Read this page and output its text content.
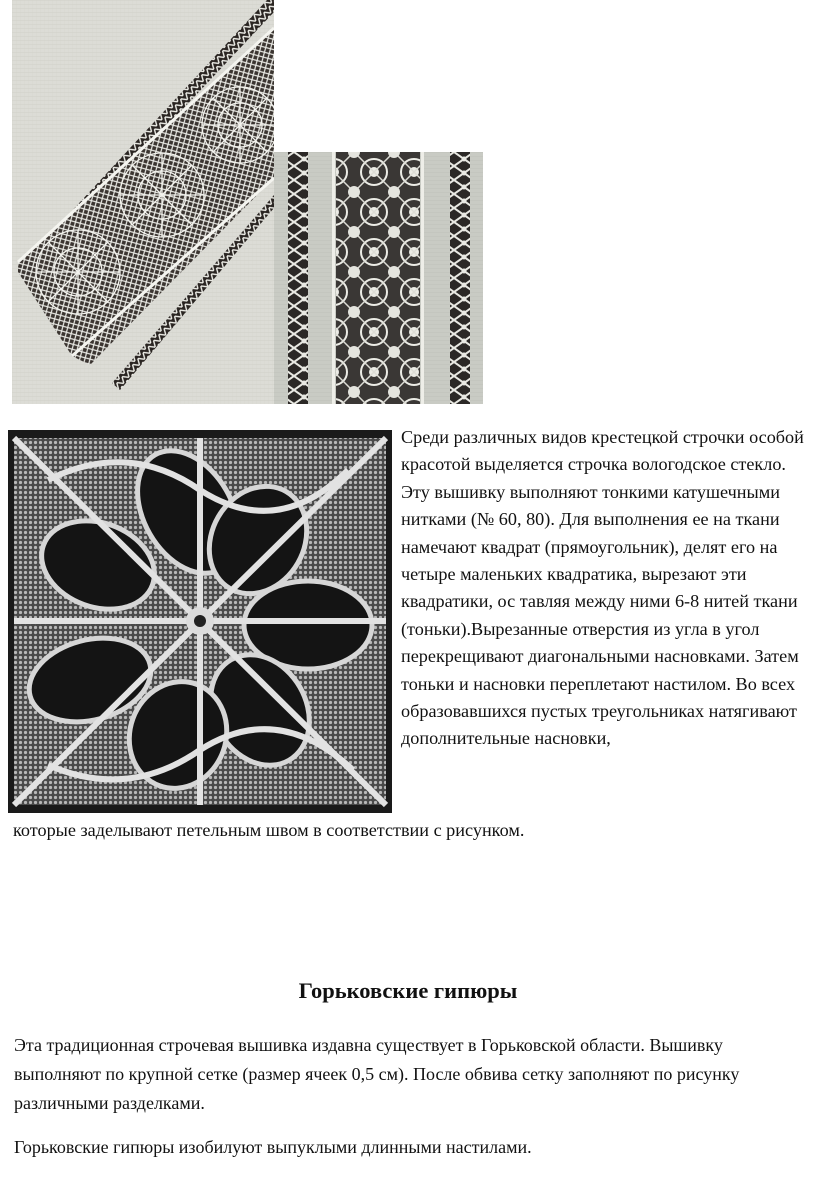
Среди различных видов крестецкой строчки особой красотой выделяется строчка вологодское стекло. Эту вышивку выполняют тонкими катушечными нитками (№ 60, 80). Для выполнения ее на ткани намечают квадрат (прямоугольник), делят его на четыре маленьких квадратика, вырезают эти квадратики, ос тавляя между ними 6-8 нитей ткани (тоньки).Вырезанные отверстия из угла в угол перекрещивают диагональными насновками. Затем тоньки и насновки переплетают настилом. Во всех образовавшихся пустых треугольниках натягивают дополнительные насновки,
которые заделывают петельным швом в соответствии с рисунком.
Горьковские гипюры
Эта традиционная строчевая вышивка издавна существует в Горьковской области. Вышивку выполняют по крупной сетке (размер ячеек 0,5 см). После обвива сетку заполняют по рисунку различными разделками.
Горьковские гипюры изобилуют выпуклыми длинными настилами.
